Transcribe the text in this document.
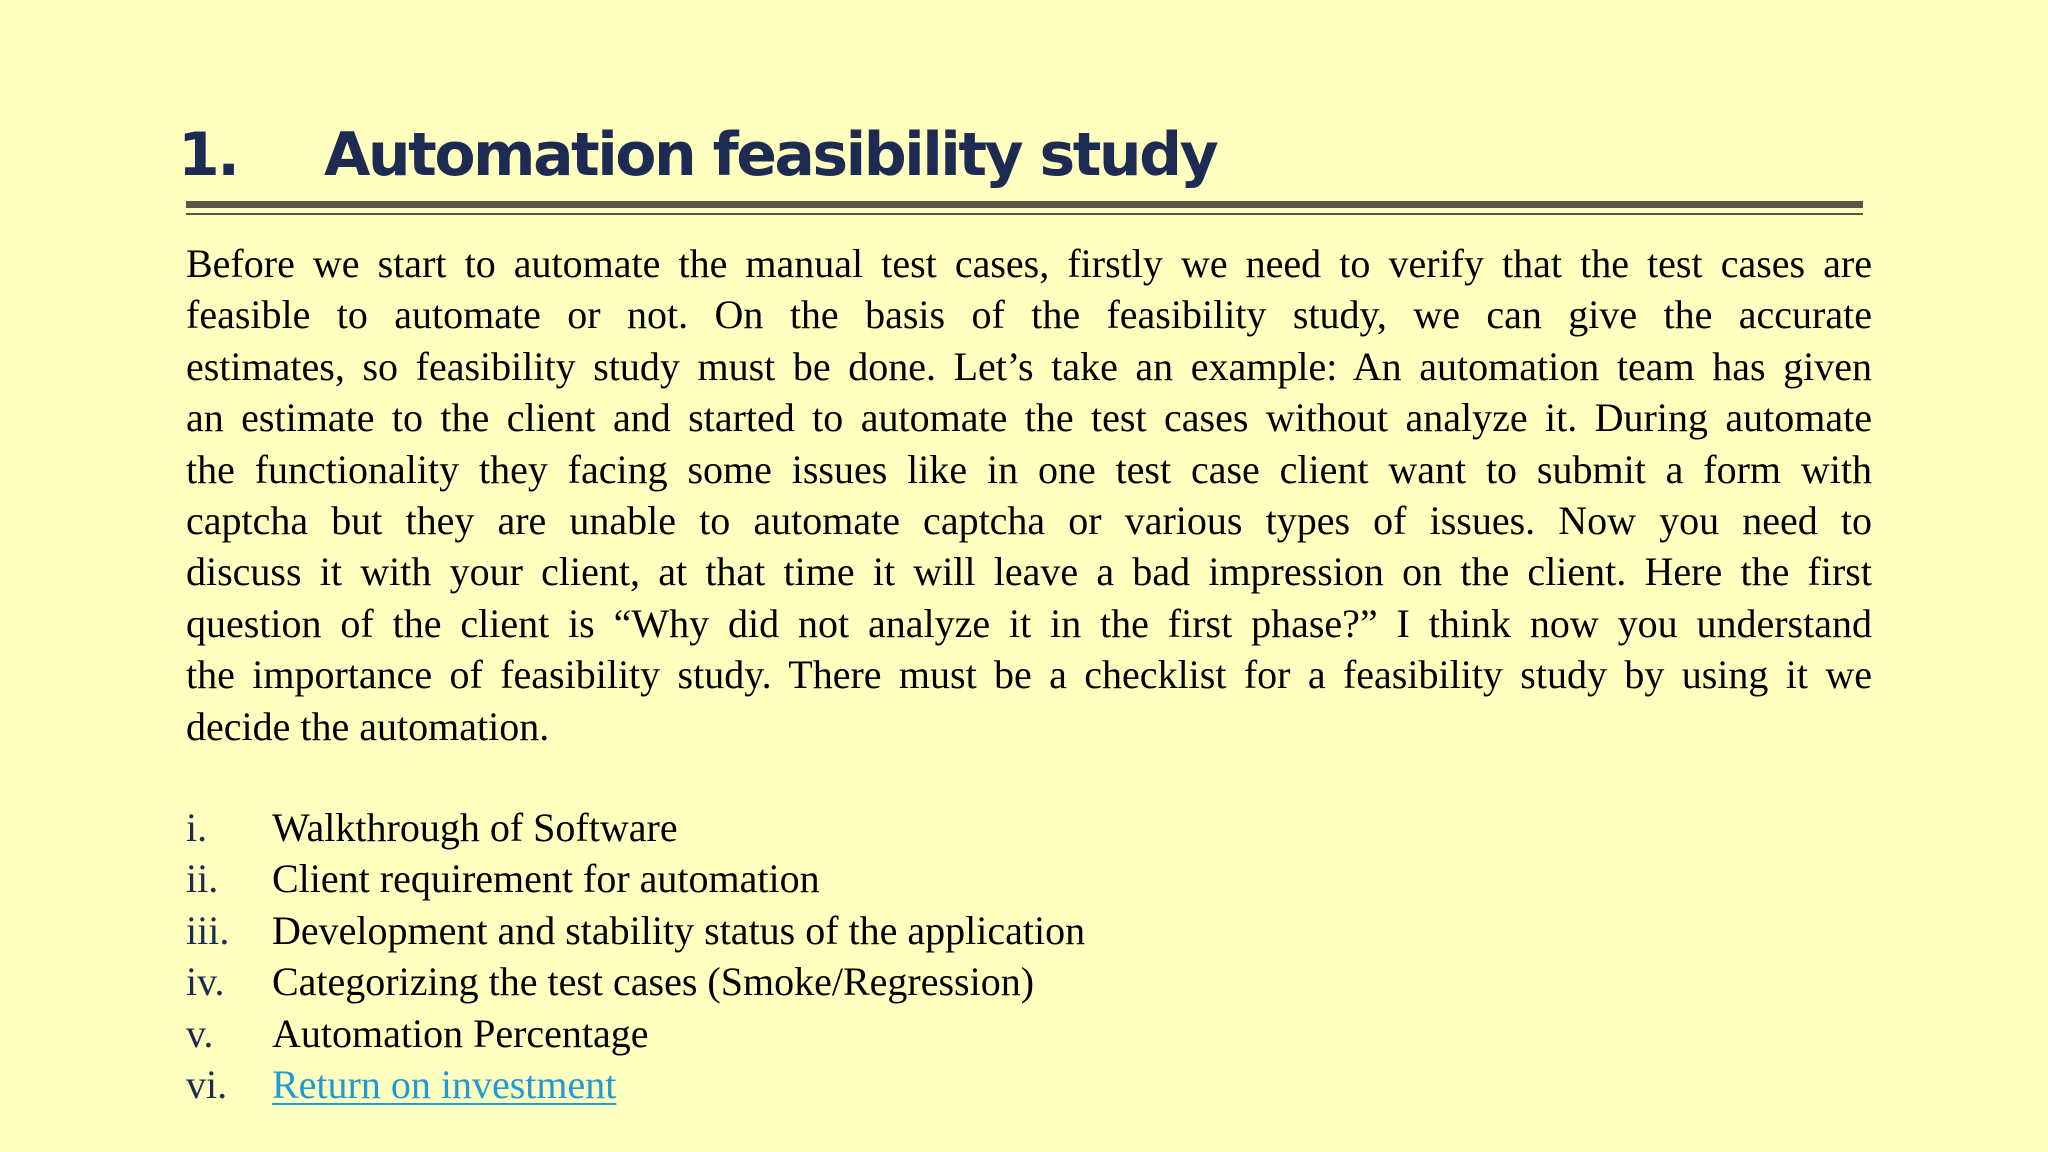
1.	Automation feasibility study
Before we start to automate the manual test cases, firstly we need to verify that the test cases are
feasible to automate or not. On the basis of the feasibility study, we can give the accurate
estimates, so feasibility study must be done. Let’s take an example: An automation team has given
an estimate to the client and started to automate the test cases without analyze it. During automate
the functionality they facing some issues like in one test case client want to submit a form with
captcha but they are unable to automate captcha or various types of issues. Now you need to
discuss it with your client, at that time it will leave a bad impression on the client. Here the first
question of the client is “Why did not analyze it in the first phase?” I think now you understand
the importance of feasibility study. There must be a checklist for a feasibility study by using it we
decide the automation.
i.	Walkthrough of Software
ii.	Client requirement for automation
iii.	Development and stability status of the application
iv.	Categorizing the test cases (Smoke/Regression)
v.	Automation Percentage
vi.	Return on investment
